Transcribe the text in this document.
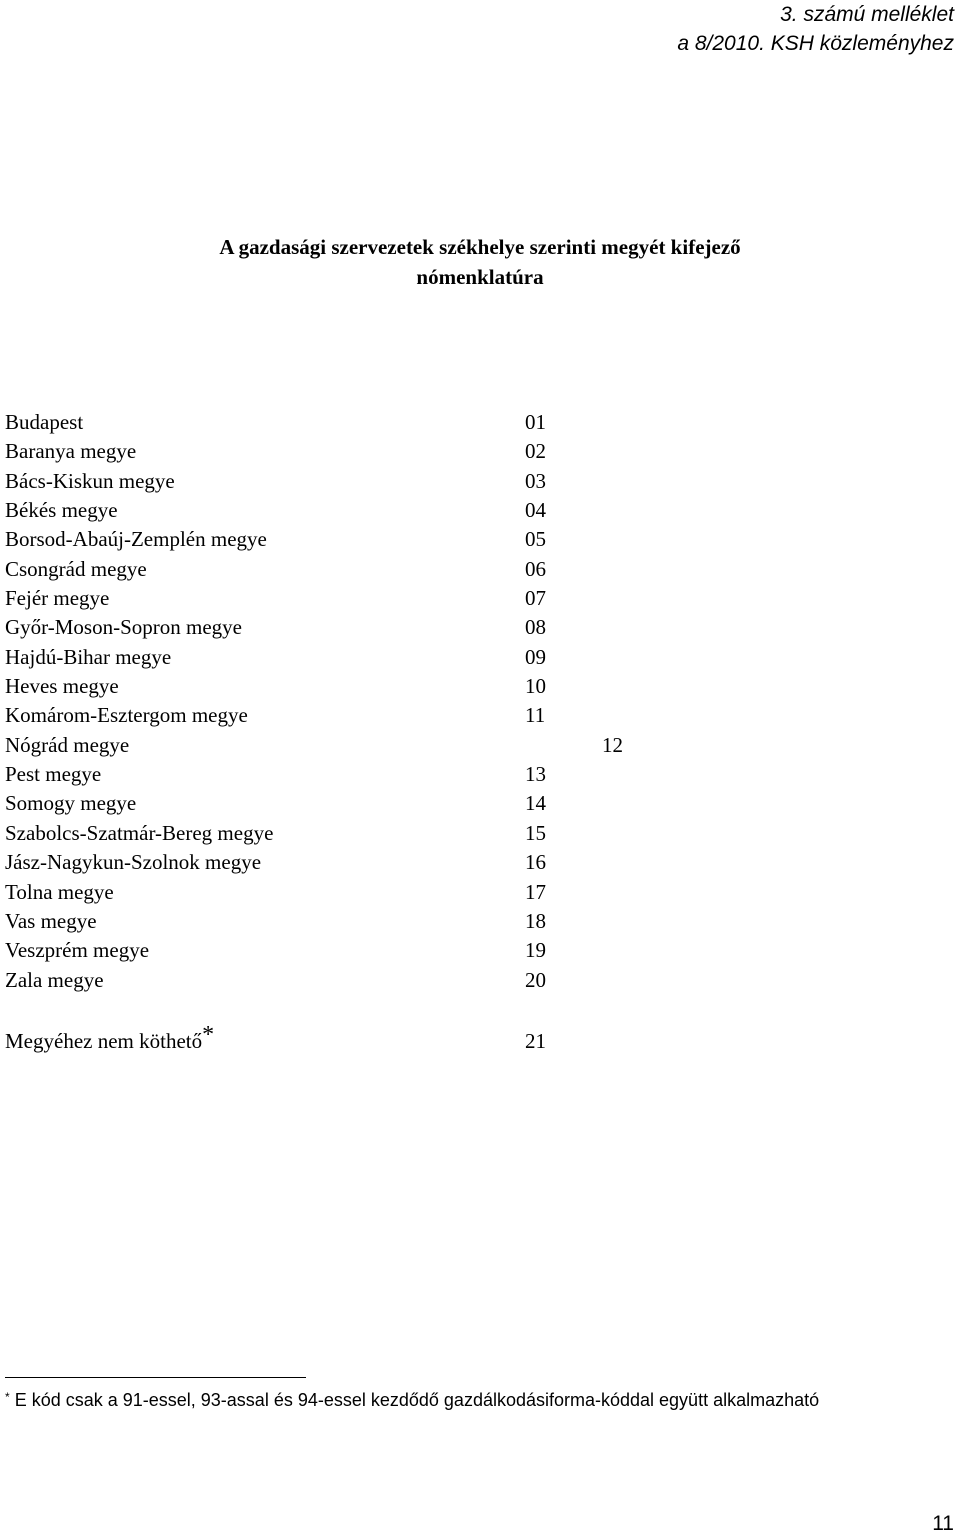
3. számú melléklet
a 8/2010. KSH közleményhez
A gazdasági szervezetek székhelye szerinti megyét kifejező
nómenklatúra
Budapest	01
Baranya megye	02
Bács-Kiskun megye	03
Békés megye	04
Borsod-Abaúj-Zemplén megye	05
Csongrád megye	06
Fejér megye	07
Győr-Moson-Sopron megye	08
Hajdú-Bihar megye	09
Heves megye	10
Komárom-Esztergom megye	11
Nógrád megye	12
Pest megye	13
Somogy megye	14
Szabolcs-Szatmár-Bereg megye	15
Jász-Nagykun-Szolnok megye	16
Tolna megye	17
Vas megye	18
Veszprém megye	19
Zala megye	20
Megyéhez nem köthető*	21
* E kód csak a 91-essel, 93-assal és 94-essel kezdődő gazdálkodásiforma-kóddal együtt alkalmazható
11
